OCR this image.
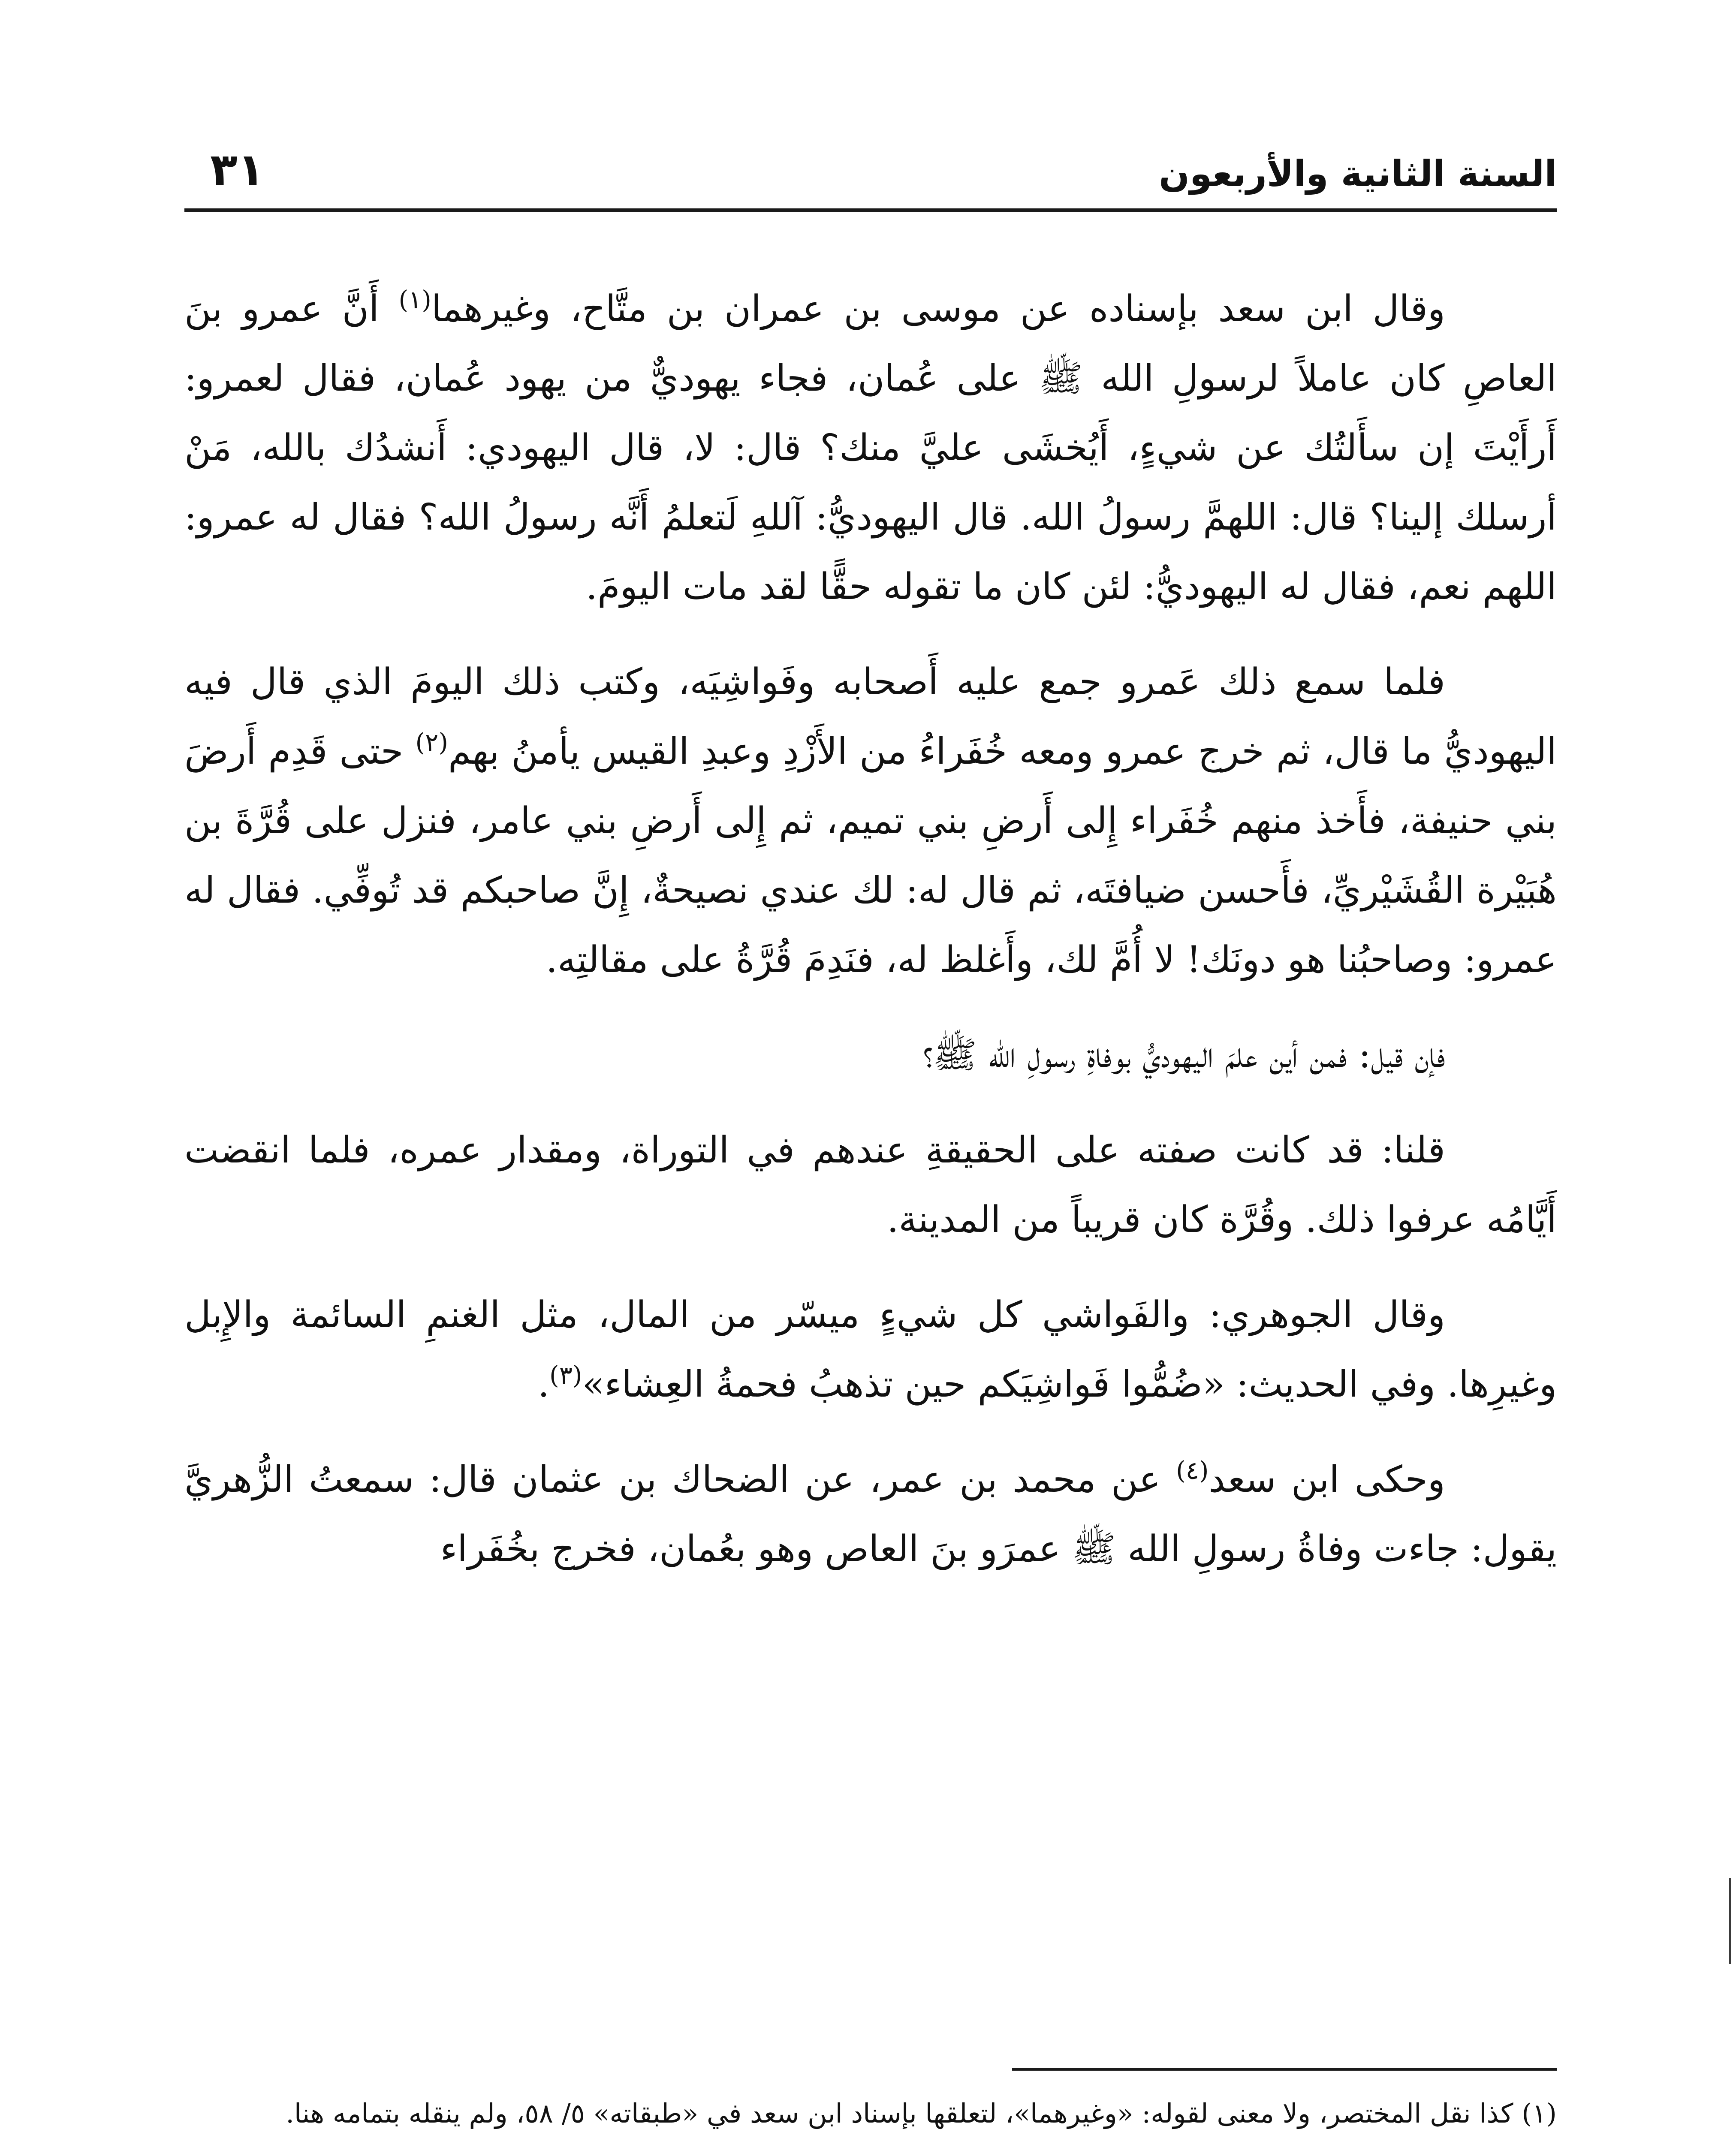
السنة الثانية والأربعون
٣١

وقال ابن سعد بإسناده عن موسى بن عمران بن متَّاح، وغيرهما$^{(١)}$ أَنَّ عمرو بنَ العاصِ كان عاملاً لرسولِ الله ﷺ على عُمان، فجاء يهوديٌّ من يهود عُمان، فقال لعمرو: أَرأَيْتَ إن سأَلتُك عن شيءٍ، أَيُخشَى عليَّ منك؟ قال: لا، قال اليهودي: أَنشدُك بالله، مَنْ أرسلك إلينا؟ قال: اللهمَّ رسولُ الله. قال اليهوديُّ: آللهِ لَتعلمُ أَنَّه رسولُ الله؟ فقال له عمرو: اللهم نعم، فقال له اليهوديُّ: لئن كان ما تقوله حقًّا لقد مات اليومَ.

فلما سمع ذلك عَمرو جمع عليه أَصحابه وفَواشِيَه، وكتب ذلك اليومَ الذي قال فيه اليهوديُّ ما قال، ثم خرج عمرو ومعه خُفَراءُ من الأَزْدِ وعبدِ القيس يأمنُ بهم$^{(٢)}$ حتى قَدِم أَرضَ بني حنيفة، فأَخذ منهم خُفَراء إِلى أَرضِ بني تميم، ثم إِلى أَرضِ بني عامر، فنزل على قُرَّةَ بن هُبَيْرة القُشَيْريِّ، فأَحسن ضيافتَه، ثم قال له: لك عندي نصيحةٌ، إِنَّ صاحبكم قد تُوفِّي. فقال له عمرو: وصاحبُنا هو دونَك! لا أُمَّ لك، وأَغلظ له، فنَدِمَ قُرَّةُ على مقالتِه.

فإن قيل: فمن أين علمَ اليهوديُّ بوفاةِ رسولِ الله ﷺ؟

قلنا: قد كانت صفته على الحقيقةِ عندهم في التوراة، ومقدار عمره، فلما انقضت أَيَّامُه عرفوا ذلك. وقُرَّة كان قريباً من المدينة.

وقال الجوهري: والفَواشي كل شيءٍ ميسّر من المال، مثل الغنمِ السائمة والإِبل وغيرِها. وفي الحديث: «ضُمُّوا فَواشِيَكم حين تذهبُ فحمةُ العِشاء»$^{(٣)}$.

وحكى ابن سعد$^{(٤)}$ عن محمد بن عمر، عن الضحاك بن عثمان قال: سمعتُ الزُّهريَّ يقول: جاءت وفاةُ رسولِ الله ﷺ عمرَو بنَ العاص وهو بعُمان، فخرج بخُفَراء

(١) كذا نقل المختصر، ولا معنى لقوله: «وغيرهما»، لتعلقها بإسناد ابن سعد في «طبقاته» ٥/ ٥٨، ولم ينقله بتمامه هنا.
